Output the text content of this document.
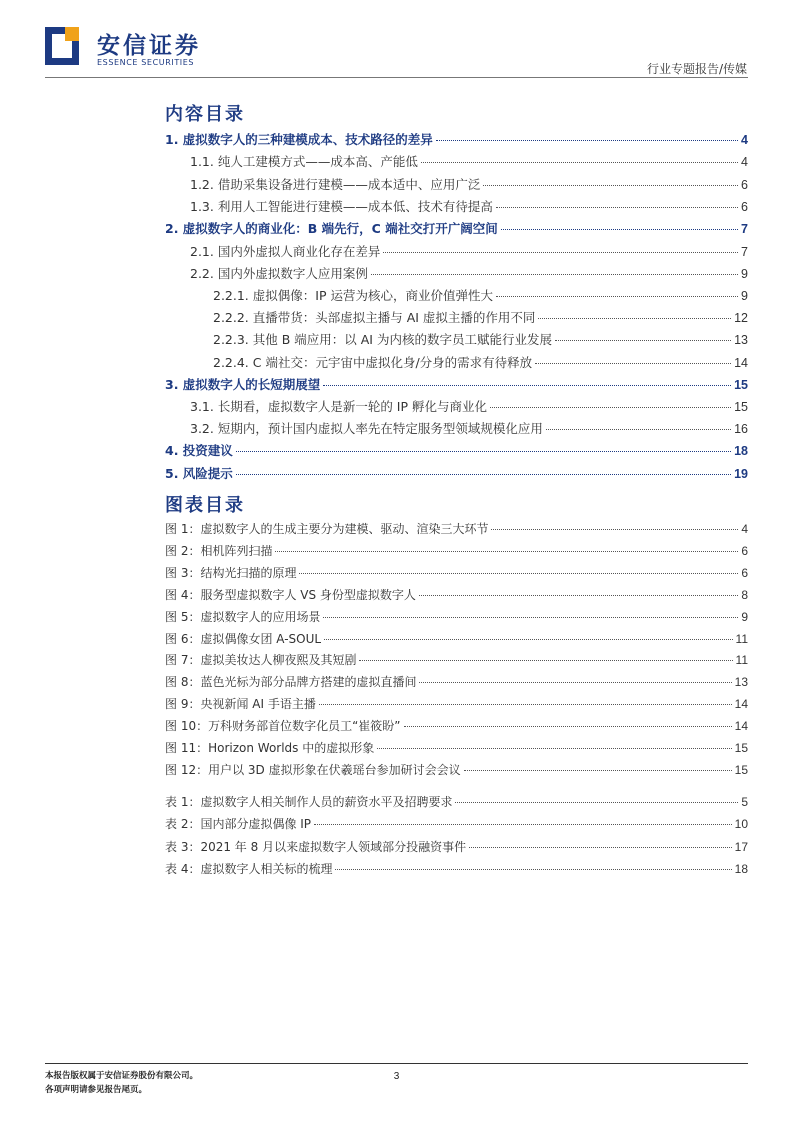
安信证券
ESSENCE SECURITIES	行业专题报告/传媒
内容目录
1. 虚拟数字人的三种建模成本、技术路径的差异	4
1.1. 纯人工建模方式——成本高、产能低	4
1.2. 借助采集设备进行建模——成本适中、应用广泛	6
1.3. 利用人工智能进行建模——成本低、技术有待提高	6
2. 虚拟数字人的商业化：B 端先行，C 端社交打开广阔空间	7
2.1. 国内外虚拟人商业化存在差异	7
2.2. 国内外虚拟数字人应用案例	9
2.2.1. 虚拟偶像：IP 运营为核心，商业价值弹性大	9
2.2.2. 直播带货：头部虚拟主播与 AI 虚拟主播的作用不同	12
2.2.3. 其他 B 端应用：以 AI 为内核的数字员工赋能行业发展	13
2.2.4. C 端社交：元宇宙中虚拟化身/分身的需求有待释放	14
3. 虚拟数字人的长短期展望	15
3.1. 长期看，虚拟数字人是新一轮的 IP 孵化与商业化	15
3.2. 短期内，预计国内虚拟人率先在特定服务型领域规模化应用	16
4. 投资建议	18
5. 风险提示	19
图表目录
图 1：虚拟数字人的生成主要分为建模、驱动、渲染三大环节	4
图 2：相机阵列扫描	6
图 3：结构光扫描的原理	6
图 4：服务型虚拟数字人 VS 身份型虚拟数字人	8
图 5：虚拟数字人的应用场景	9
图 6：虚拟偶像女团 A-SOUL	11
图 7：虚拟美妆达人柳夜熙及其短剧	11
图 8：蓝色光标为部分品牌方搭建的虚拟直播间	13
图 9：央视新闻 AI 手语主播	14
图 10：万科财务部首位数字化员工“崔筱盼”	14
图 11：Horizon Worlds 中的虚拟形象	15
图 12：用户以 3D 虚拟形象在伏羲瑶台参加研讨会会议	15
表 1：虚拟数字人相关制作人员的薪资水平及招聘要求	5
表 2：国内部分虚拟偶像 IP	10
表 3：2021 年 8 月以来虚拟数字人领域部分投融资事件	17
表 4：虚拟数字人相关标的梳理	18
3
本报告版权属于安信证券股份有限公司。
各项声明请参见报告尾页。
